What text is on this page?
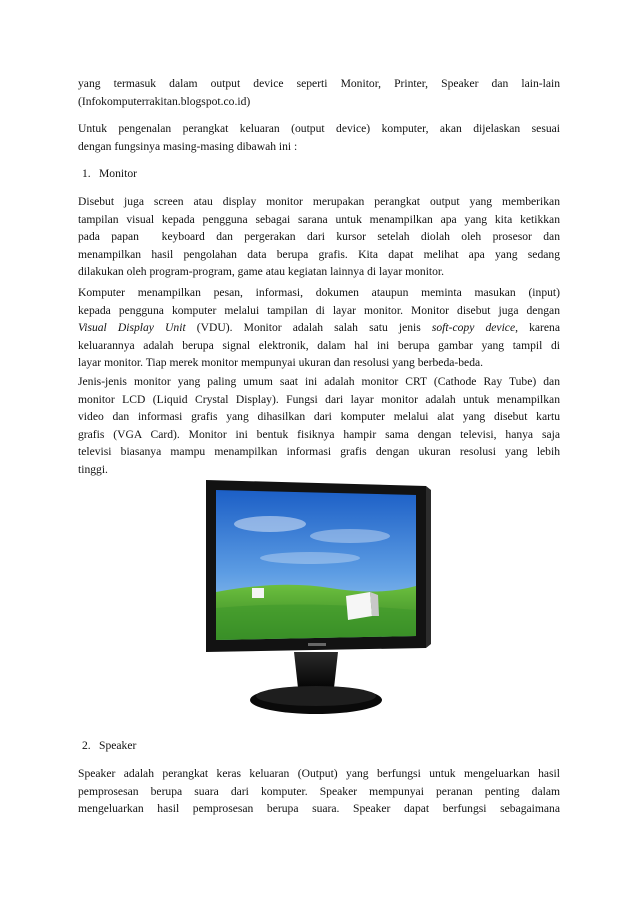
yang termasuk dalam output device seperti Monitor, Printer, Speaker dan lain-lain
(Infokomputerrakitan.blogspot.co.id)

Untuk pengenalan perangkat keluaran (output device) komputer, akan dijelaskan sesuai
dengan fungsinya masing-masing dibawah ini :

1. Monitor

Disebut juga screen atau display monitor merupakan perangkat output yang memberikan
tampilan visual kepada pengguna sebagai sarana untuk menampilkan apa yang kita ketikkan
pada papan  keyboard dan pergerakan dari kursor setelah diolah oleh prosesor dan
menampilkan hasil pengolahan data berupa grafis. Kita dapat melihat apa yang sedang
dilakukan oleh program-program, game atau kegiatan lainnya di layar monitor.

Komputer menampilkan pesan, informasi, dokumen ataupun meminta masukan (input)
kepada pengguna komputer melalui tampilan di layar monitor. Monitor disebut juga dengan
Visual Display Unit (VDU). Monitor adalah salah satu jenis soft-copy device, karena
keluarannya adalah berupa signal elektronik, dalam hal ini berupa gambar yang tampil di
layar monitor. Tiap merek monitor mempunyai ukuran dan resolusi yang berbeda-beda.

Jenis-jenis monitor yang paling umum saat ini adalah monitor CRT (Cathode Ray Tube) dan
monitor LCD (Liquid Crystal Display). Fungsi dari layar monitor adalah untuk menampilkan
video dan informasi grafis yang dihasilkan dari komputer melalui alat yang disebut kartu
grafis (VGA Card). Monitor ini bentuk fisiknya hampir sama dengan televisi, hanya saja
televisi biasanya mampu menampilkan informasi grafis dengan ukuran resolusi yang lebih
tinggi.

2. Speaker

Speaker adalah perangkat keras keluaran (Output) yang berfungsi untuk mengeluarkan hasil
pemprosesan berupa suara dari komputer. Speaker mempunyai peranan penting dalam
mengeluarkan hasil pemprosesan berupa suara. Speaker dapat berfungsi sebagaimana
